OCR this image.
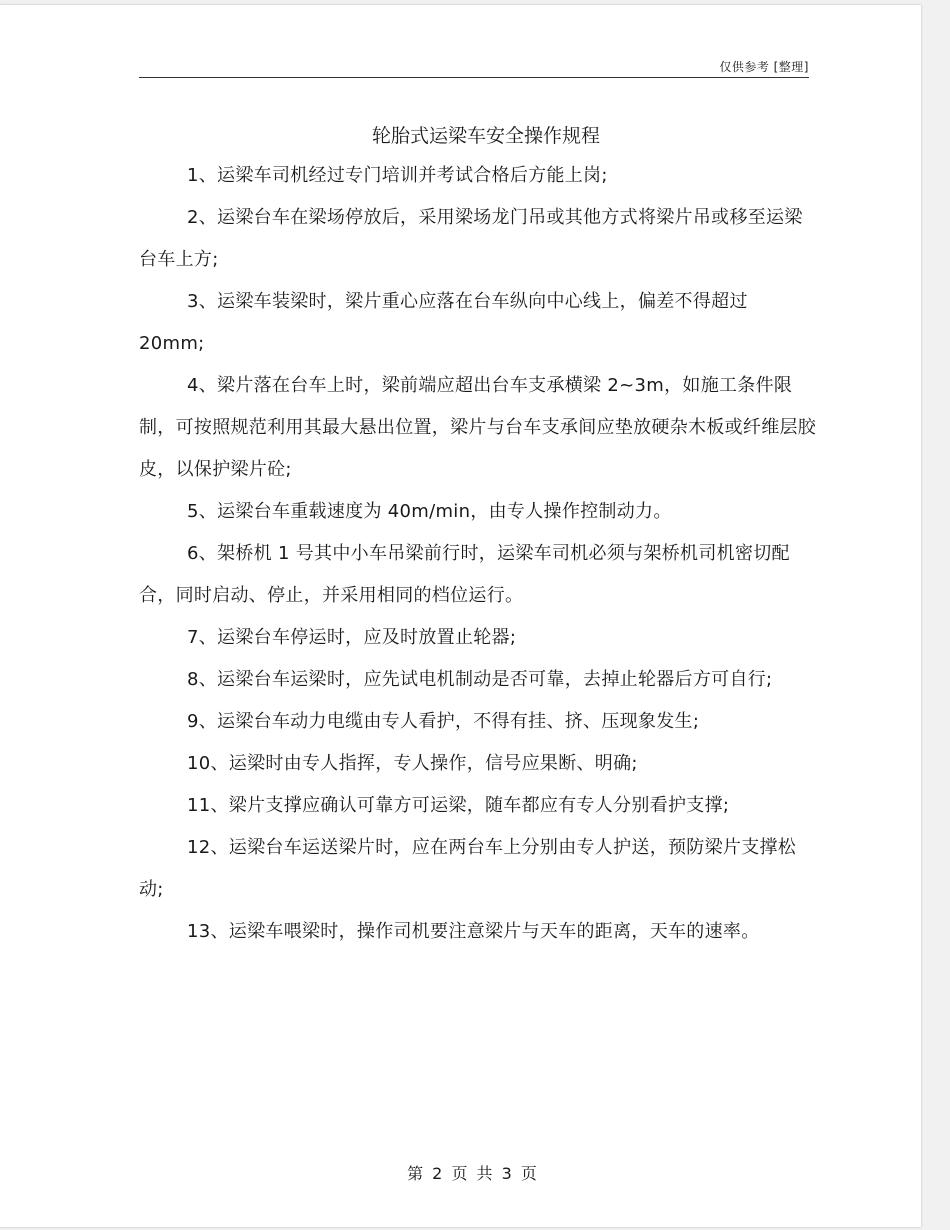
仅供参考 [整理]
轮胎式运梁车安全操作规程

1、运梁车司机经过专门培训并考试合格后方能上岗;

2、运梁台车在梁场停放后，采用梁场龙门吊或其他方式将梁片吊或移至运梁台车上方;

3、运梁车装梁时，梁片重心应落在台车纵向中心线上，偏差不得超过 20mm;

4、梁片落在台车上时，梁前端应超出台车支承横梁 2~3m，如施工条件限制，可按照规范利用其最大悬出位置，梁片与台车支承间应垫放硬杂木板或纤维层胶皮，以保护梁片砼;

5、运梁台车重载速度为 40m/min，由专人操作控制动力。

6、架桥机 1 号其中小车吊梁前行时，运梁车司机必须与架桥机司机密切配合，同时启动、停止，并采用相同的档位运行。

7、运梁台车停运时，应及时放置止轮器;

8、运梁台车运梁时，应先试电机制动是否可靠，去掉止轮器后方可自行;

9、运梁台车动力电缆由专人看护，不得有挂、挤、压现象发生;

10、运梁时由专人指挥，专人操作，信号应果断、明确;

11、梁片支撑应确认可靠方可运梁，随车都应有专人分别看护支撑;

12、运梁台车运送梁片时，应在两台车上分别由专人护送，预防梁片支撑松动;

13、运梁车喂梁时，操作司机要注意梁片与天车的距离，天车的速率。

第 2 页 共 3 页
